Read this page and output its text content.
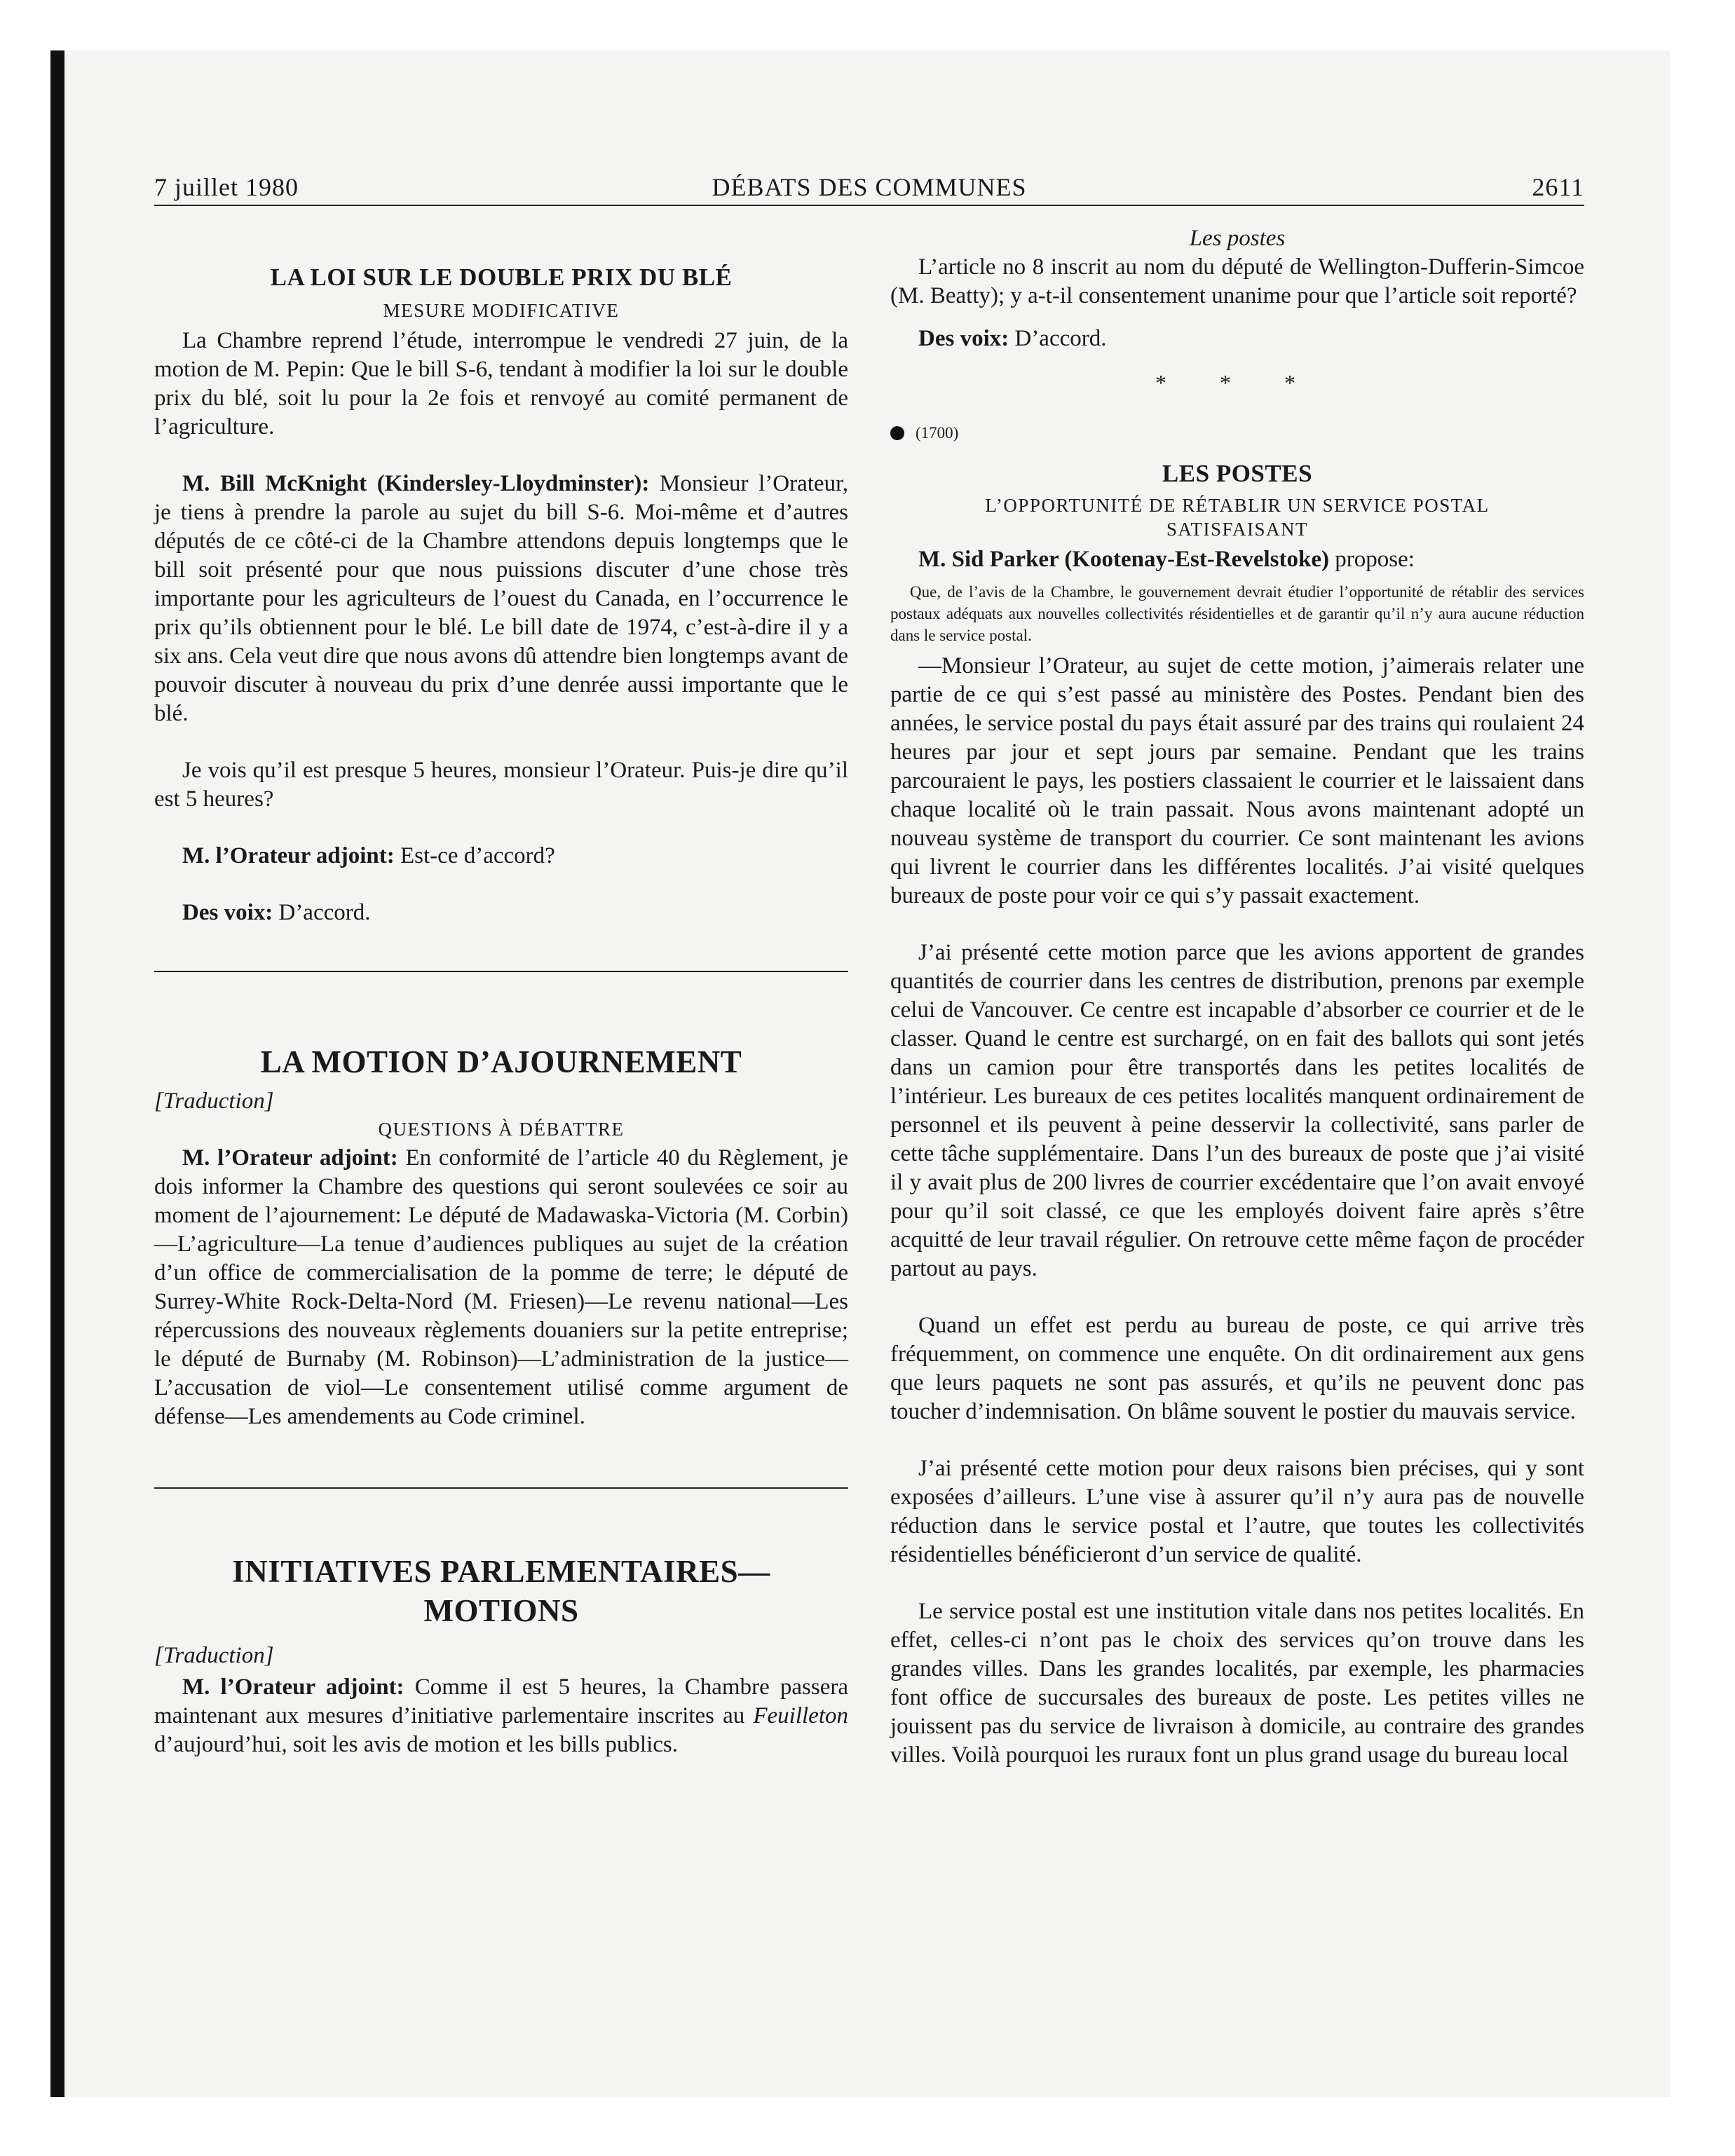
7 juillet 1980	DÉBATS DES COMMUNES	2611
LA LOI SUR LE DOUBLE PRIX DU BLÉ
MESURE MODIFICATIVE

La Chambre reprend l’étude, interrompue le vendredi 27 juin, de la motion de M. Pepin: Que le bill S-6, tendant à modifier la loi sur le double prix du blé, soit lu pour la 2e fois et renvoyé au comité permanent de l’agriculture.

M. Bill McKnight (Kindersley-Lloydminster): Monsieur l’Orateur, je tiens à prendre la parole au sujet du bill S-6. Moi-même et d’autres députés de ce côté-ci de la Chambre attendons depuis longtemps que le bill soit présenté pour que nous puissions discuter d’une chose très importante pour les agriculteurs de l’ouest du Canada, en l’occurrence le prix qu’ils obtiennent pour le blé. Le bill date de 1974, c’est-à-dire il y a six ans. Cela veut dire que nous avons dû attendre bien longtemps avant de pouvoir discuter à nouveau du prix d’une denrée aussi importante que le blé.

Je vois qu’il est presque 5 heures, monsieur l’Orateur. Puis-je dire qu’il est 5 heures?

M. l’Orateur adjoint: Est-ce d’accord?

Des voix: D’accord.

LA MOTION D’AJOURNEMENT

[Traduction]

QUESTIONS À DÉBATTRE

M. l’Orateur adjoint: En conformité de l’article 40 du Règlement, je dois informer la Chambre des questions qui seront soulevées ce soir au moment de l’ajournement: Le député de Madawaska-Victoria (M. Corbin)—L’agriculture—La tenue d’audiences publiques au sujet de la création d’un office de commercialisation de la pomme de terre; le député de Surrey-White Rock-Delta-Nord (M. Friesen)—Le revenu national—Les répercussions des nouveaux règlements douaniers sur la petite entreprise; le député de Burnaby (M. Robinson)—L’administration de la justice—L’accusation de viol—Le consentement utilisé comme argument de défense—Les amendements au Code criminel.

INITIATIVES PARLEMENTAIRES—
MOTIONS

[Traduction]

M. l’Orateur adjoint: Comme il est 5 heures, la Chambre passera maintenant aux mesures d’initiative parlementaire inscrites au Feuilleton d’aujourd’hui, soit les avis de motion et les bills publics.

Les postes

L’article no 8 inscrit au nom du député de Wellington-Dufferin-Simcoe (M. Beatty); y a-t-il consentement unanime pour que l’article soit reporté?

Des voix: D’accord.

* * *

(1700)

LES POSTES
L’OPPORTUNITÉ DE RÉTABLIR UN SERVICE POSTAL SATISFAISANT

M. Sid Parker (Kootenay-Est-Revelstoke) propose:

Que, de l’avis de la Chambre, le gouvernement devrait étudier l’opportunité de rétablir des services postaux adéquats aux nouvelles collectivités résidentielles et de garantir qu’il n’y aura aucune réduction dans le service postal.

—Monsieur l’Orateur, au sujet de cette motion, j’aimerais relater une partie de ce qui s’est passé au ministère des Postes. Pendant bien des années, le service postal du pays était assuré par des trains qui roulaient 24 heures par jour et sept jours par semaine. Pendant que les trains parcouraient le pays, les postiers classaient le courrier et le laissaient dans chaque localité où le train passait. Nous avons maintenant adopté un nouveau système de transport du courrier. Ce sont maintenant les avions qui livrent le courrier dans les différentes localités. J’ai visité quelques bureaux de poste pour voir ce qui s’y passait exactement.

J’ai présenté cette motion parce que les avions apportent de grandes quantités de courrier dans les centres de distribution, prenons par exemple celui de Vancouver. Ce centre est incapable d’absorber ce courrier et de le classer. Quand le centre est surchargé, on en fait des ballots qui sont jetés dans un camion pour être transportés dans les petites localités de l’intérieur. Les bureaux de ces petites localités manquent ordinairement de personnel et ils peuvent à peine desservir la collectivité, sans parler de cette tâche supplémentaire. Dans l’un des bureaux de poste que j’ai visité il y avait plus de 200 livres de courrier excédentaire que l’on avait envoyé pour qu’il soit classé, ce que les employés doivent faire après s’être acquitté de leur travail régulier. On retrouve cette même façon de procéder partout au pays.

Quand un effet est perdu au bureau de poste, ce qui arrive très fréquemment, on commence une enquête. On dit ordinairement aux gens que leurs paquets ne sont pas assurés, et qu’ils ne peuvent donc pas toucher d’indemnisation. On blâme souvent le postier du mauvais service.

J’ai présenté cette motion pour deux raisons bien précises, qui y sont exposées d’ailleurs. L’une vise à assurer qu’il n’y aura pas de nouvelle réduction dans le service postal et l’autre, que toutes les collectivités résidentielles bénéficieront d’un service de qualité.

Le service postal est une institution vitale dans nos petites localités. En effet, celles-ci n’ont pas le choix des services qu’on trouve dans les grandes villes. Dans les grandes localités, par exemple, les pharmacies font office de succursales des bureaux de poste. Les petites villes ne jouissent pas du service de livraison à domicile, au contraire des grandes villes. Voilà pourquoi les ruraux font un plus grand usage du bureau local
